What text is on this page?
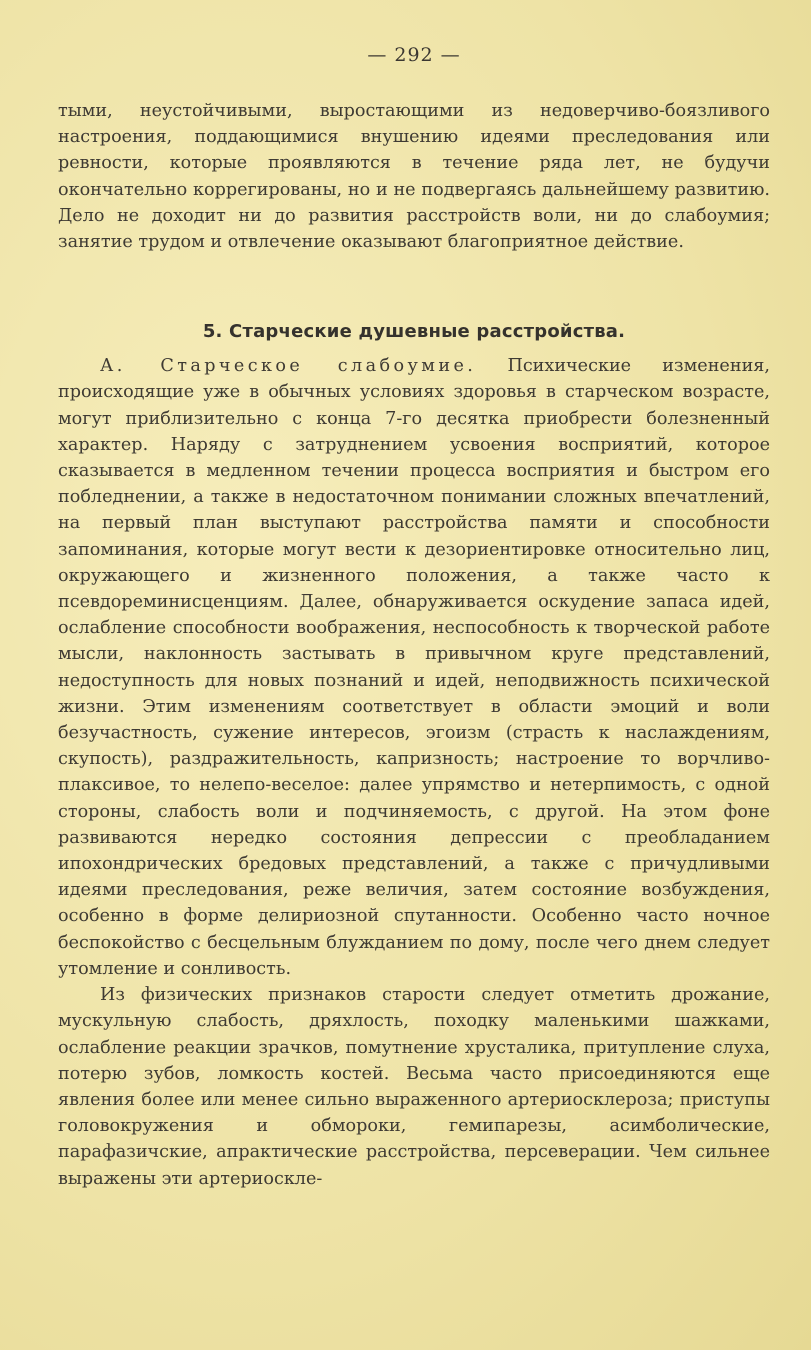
— 292 —

тыми, неустойчивыми, выростающими из недоверчиво-боязливого настроения, поддающимися внушению идеями преследования или ревности, которые проявляются в течение ряда лет, не будучи окончательно коррегированы, но и не подвергаясь дальнейшему развитию. Дело не доходит ни до развития расстройств воли, ни до слабоумия; занятие трудом и отвлечение оказывают благоприятное действие.

5. Старческие душевные расстройства.

А. Старческое слабоумие. Психические изменения, происходящие уже в обычных условиях здоровья в старческом возрасте, могут приблизительно с конца 7-го десятка приобрести болезненный характер. Наряду с затруднением усвоения восприятий, которое сказывается в медленном течении процесса восприятия и быстром его побледнении, а также в недостаточном понимании сложных впечатлений, на первый план выступают расстройства памяти и способности запоминания, которые могут вести к дезориентировке относительно лиц, окружающего и жизненного положения, а также часто к псевдореминисценциям. Далее, обнаруживается оскудение запаса идей, ослабление способности воображения, неспособность к творческой работе мысли, наклонность застывать в привычном круге представлений, недоступность для новых познаний и идей, неподвижность психической жизни. Этим изменениям соответствует в области эмоций и воли безучастность, сужение интересов, эгоизм (страсть к наслаждениям, скупость), раздражительность, капризность; настроение то ворчливо-плаксивое, то нелепо-веселое: далее упрямство и нетерпимость, с одной стороны, слабость воли и подчиняемость, с другой. На этом фоне развиваются нередко состояния депрессии с преобладанием ипохондрических бредовых представлений, а также с причудливыми идеями преследования, реже величия, затем состояние возбуждения, особенно в форме делириозной спутанности. Особенно часто ночное беспокойство с бесцельным блужданием по дому, после чего днем следует утомление и сонливость.

Из физических признаков старости следует отметить дрожание, мускульную слабость, дряхлость, походку маленькими шажками, ослабление реакции зрачков, помутнение хрусталика, притупление слуха, потерю зубов, ломкость костей. Весьма часто присоединяются еще явления более или менее сильно выраженного артериосклероза; приступы головокружения и обмороки, гемипарезы, асимболические, парафазичские, апрактические расстройства, персеверации. Чем сильнее выражены эти артериоскле-
